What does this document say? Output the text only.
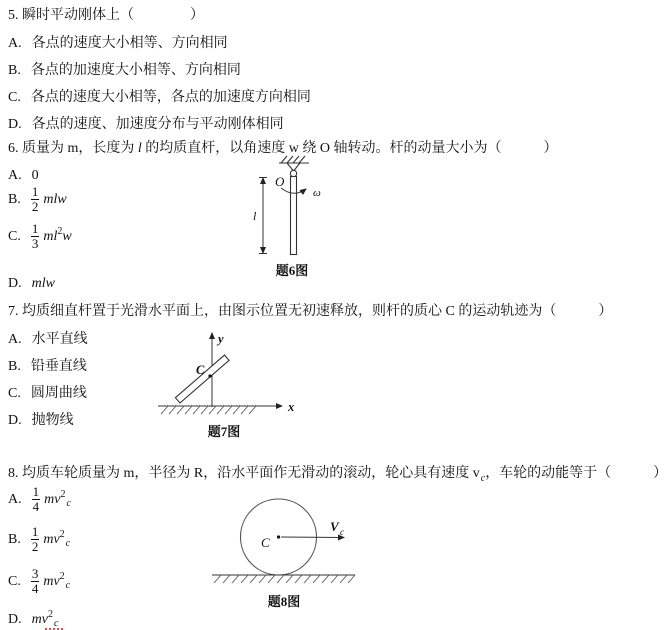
5. 瞬时平动刚体上（　　　　）
A. 各点的速度大小相等、方向相同
B. 各点的加速度大小相等、方向相同
C. 各点的速度大小相等，各点的加速度方向相同
D. 各点的速度、加速度分布与平动刚体相同
6. 质量为 m，长度为 l 的均质直杆，以角速度 w 绕 O 轴转动。杆的动量大小为（　　　）
A. 0
B. $\frac{1}{2}$ mlw
C. $\frac{1}{3}$ ml 2 w
D. mlw
O
ω
l
题6图
7. 均质细直杆置于光滑水平面上，由图示位置无初速释放，则杆的质心 C 的运动轨迹为（　　　）
A. 水平直线
B. 铅垂直线
C. 圆周曲线
D. 抛物线
y
x
C
题7图
8. 均质车轮质量为 m，半径为 R，沿水平面作无滑动的滚动，轮心具有速度 $v_c$，车轮的动能等于（　　　）
A. $\frac{1}{4}$ mv 2
c
B. $\frac{1}{2}$ mv 2
c
C. $\frac{3}{4}$ mv 2
c
D. mv 2
c
C
V c
题8图
